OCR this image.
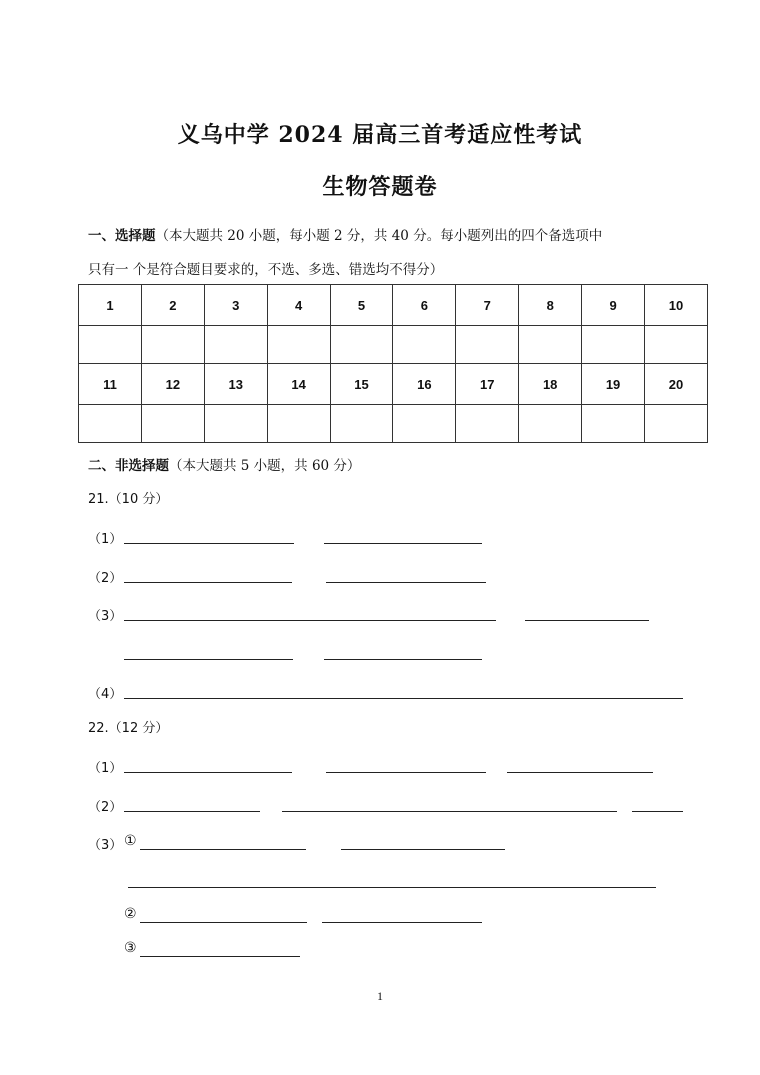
义乌中学 2024 届高三首考适应性考试
生物答题卷
一、选择题（本大题共 20 小题，每小题 2 分，共 40 分。每小题列出的四个备选项中
只有一 个是符合题目要求的，不选、多选、错选均不得分）
1	2	3	4	5	6	7	8	9	10

11	12	13	14	15	16	17	18	19	20

二、非选择题（本大题共 5 小题，共 60 分）
21.（10 分）
（1）
（2）
（3）
（4）
22.（12 分）
（1）
（2）
（3） ①
②
③
1
